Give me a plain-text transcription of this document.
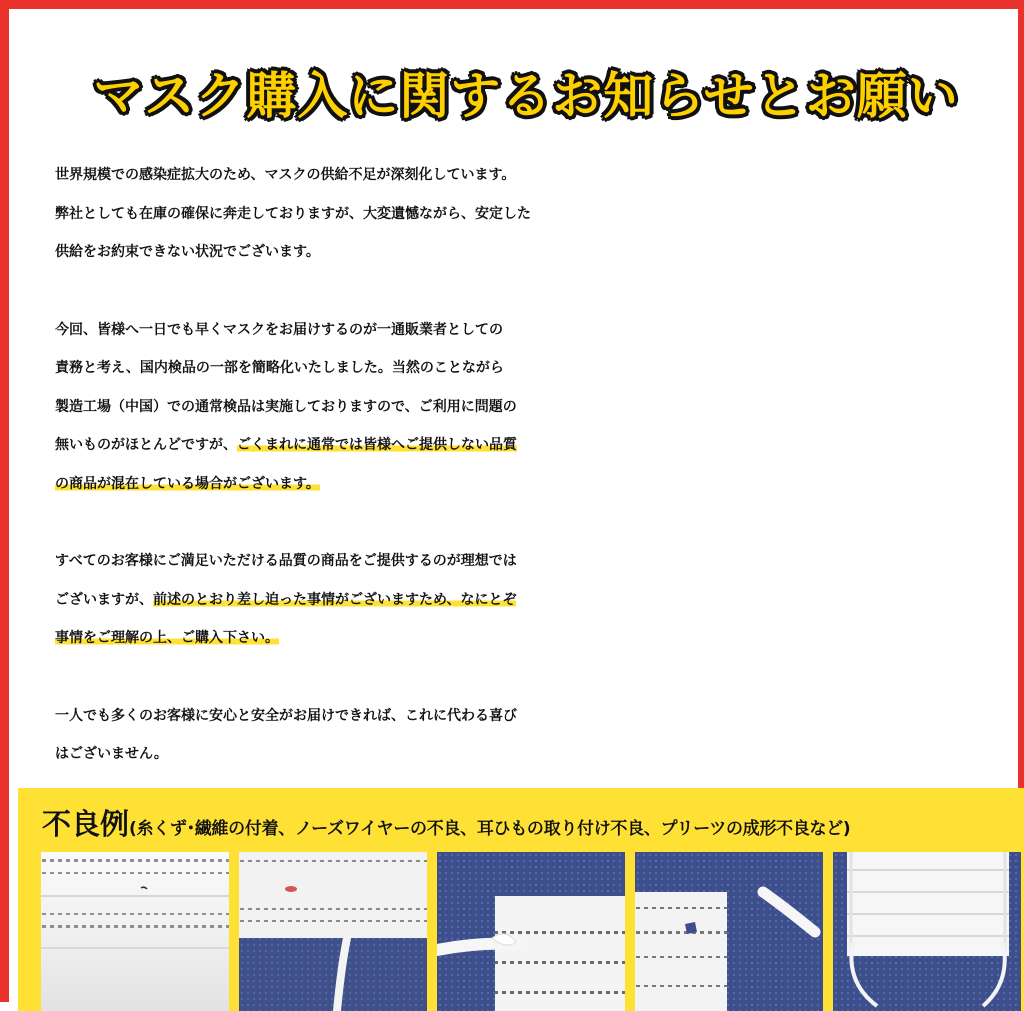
マスク購入に関するお知らせとお願い

世界規模での感染症拡大のため、マスクの供給不足が深刻化しています。
弊社としても在庫の確保に奔走しておりますが、大変遺憾ながら、安定した
供給をお約束できない状況でございます。

今回、皆様へ一日でも早くマスクをお届けするのが一通販業者としての
責務と考え、国内検品の一部を簡略化いたしました。当然のことながら
製造工場（中国）での通常検品は実施しておりますので、ご利用に問題の
無いものがほとんどですが、ごくまれに通常では皆様へご提供しない品質
の商品が混在している場合がございます。

すべてのお客様にご満足いただける品質の商品をご提供するのが理想では
ございますが、前述のとおり差し迫った事情がございますため、なにとぞ
事情をご理解の上、ご購入下さい。

一人でも多くのお客様に安心と安全がお届けできれば、これに代わる喜び
はございません。

不良例 (糸くず･繊維の付着、ノーズワイヤーの不良、耳ひもの取り付け不良、プリーツの成形不良など)
